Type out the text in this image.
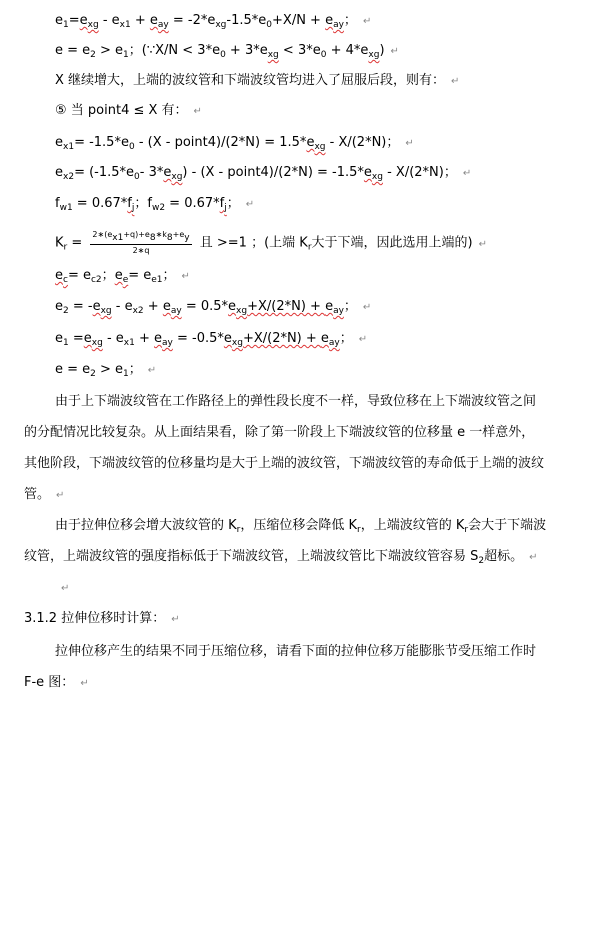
$e_1=e_{xg} - e_{x1} + e_{ay} = -2*e_{xg}-1.5*e_0+X/N + e_{ay}$； ↵
$e = e_2 > e_1$；(∵X/N < $3*e_0 + 3*e_{xg} < 3*e_0 + 4*e_{xg}$) ↵
X 继续增大，上端的波纹管和下端波纹管均进入了屈服后段，则有： ↵
⑤ 当 point4 ≤ X 有： ↵
$e_{x1}= -1.5*e_0 - (X$ - point4)/(2*N) = $1.5*e_{xg} - X/(2*N)$； ↵
$e_{x2}= (-1.5*e_0-$ $3*e_{xg}) - (X$ - point4)/(2*N) = $-1.5*e_{xg} - X/(2*N)$； ↵
$f_{w1} = 0.67*f_j$；$f_{w2} = 0.67*f_j$； ↵
$K_r = \frac{2∗(e_{x1}+q)+e_8∗k_8+e_y}{2∗q}$ 且 >=1 ；(上端 $K_r$大于下端，因此选用上端的) ↵
$e_c= e_{c2}$；$e_e= e_{e1}$； ↵
$e_2 = -e_{xg} - e_{x2} + e_{ay} = 0.5*e_{xg}+X/(2*N) + e_{ay}$； ↵
$e_1 =e_{xg} - e_{x1} + e_{ay} = -0.5*e_{xg}+X/(2*N) + e_{ay}$； ↵
$e = e_2 > e_1$； ↵
由于上下端波纹管在工作路径上的弹性段长度不一样，导致位移在上下端波纹管之间
的分配情况比较复杂。从上面结果看，除了第一阶段上下端波纹管的位移量 e 一样意外，
其他阶段，下端波纹管的位移量均是大于上端的波纹管，下端波纹管的寿命低于上端的波纹
管。 ↵
由于拉伸位移会增大波纹管的 $K_r$，压缩位移会降低 $K_r$，上端波纹管的 $K_r$会大于下端波
纹管，上端波纹管的强度指标低于下端波纹管，上端波纹管比下端波纹管容易 $S_2$超标。 ↵
↵
3.1.2 拉伸位移时计算： ↵
拉伸位移产生的结果不同于压缩位移，请看下面的拉伸位移万能膨胀节受压缩工作时
F-e 图： ↵
